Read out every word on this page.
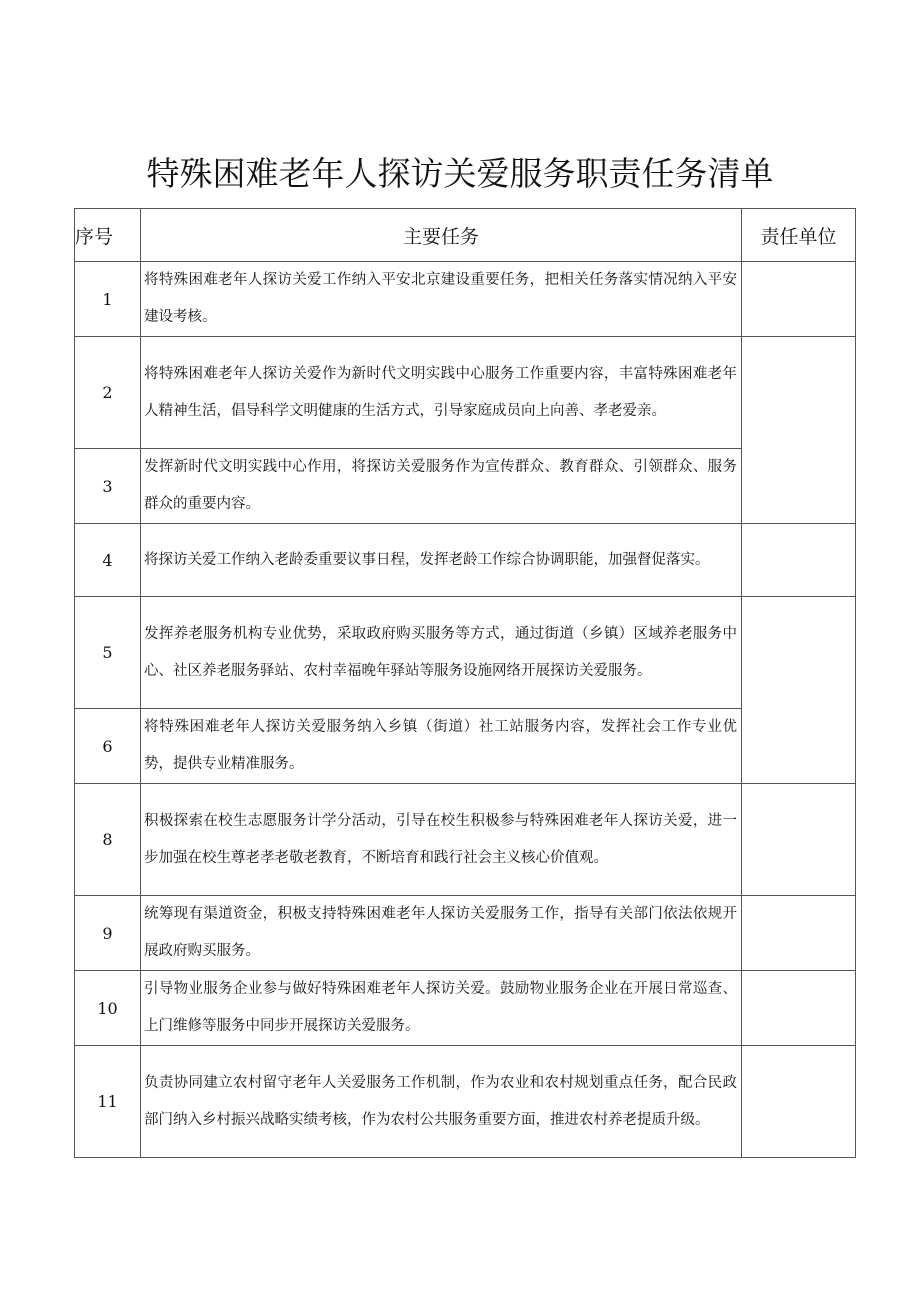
特殊困难老年人探访关爱服务职责任务清单
序号	主要任务	责任单位
1	将特殊困难老年人探访关爱工作纳入平安北京建设重要任务，把相关任务落实情况纳入平安建设考核。	
2	将特殊困难老年人探访关爱作为新时代文明实践中心服务工作重要内容，丰富特殊困难老年人精神生活，倡导科学文明健康的生活方式，引导家庭成员向上向善、孝老爱亲。	
3	发挥新时代文明实践中心作用，将探访关爱服务作为宣传群众、教育群众、引领群众、服务群众的重要内容。	
4	将探访关爱工作纳入老龄委重要议事日程，发挥老龄工作综合协调职能，加强督促落实。	
5	发挥养老服务机构专业优势，采取政府购买服务等方式，通过街道（乡镇）区域养老服务中心、社区养老服务驿站、农村幸福晚年驿站等服务设施网络开展探访关爱服务。	
6	将特殊困难老年人探访关爱服务纳入乡镇（街道）社工站服务内容，发挥社会工作专业优势，提供专业精准服务。	
8	积极探索在校生志愿服务计学分活动，引导在校生积极参与特殊困难老年人探访关爱，进一步加强在校生尊老孝老敬老教育，不断培育和践行社会主义核心价值观。	
9	统筹现有渠道资金，积极支持特殊困难老年人探访关爱服务工作，指导有关部门依法依规开展政府购买服务。	
10	引导物业服务企业参与做好特殊困难老年人探访关爱。鼓励物业服务企业在开展日常巡查、上门维修等服务中同步开展探访关爱服务。	
11	负责协同建立农村留守老年人关爱服务工作机制，作为农业和农村规划重点任务，配合民政部门纳入乡村振兴战略实绩考核，作为农村公共服务重要方面，推进农村养老提质升级。	
